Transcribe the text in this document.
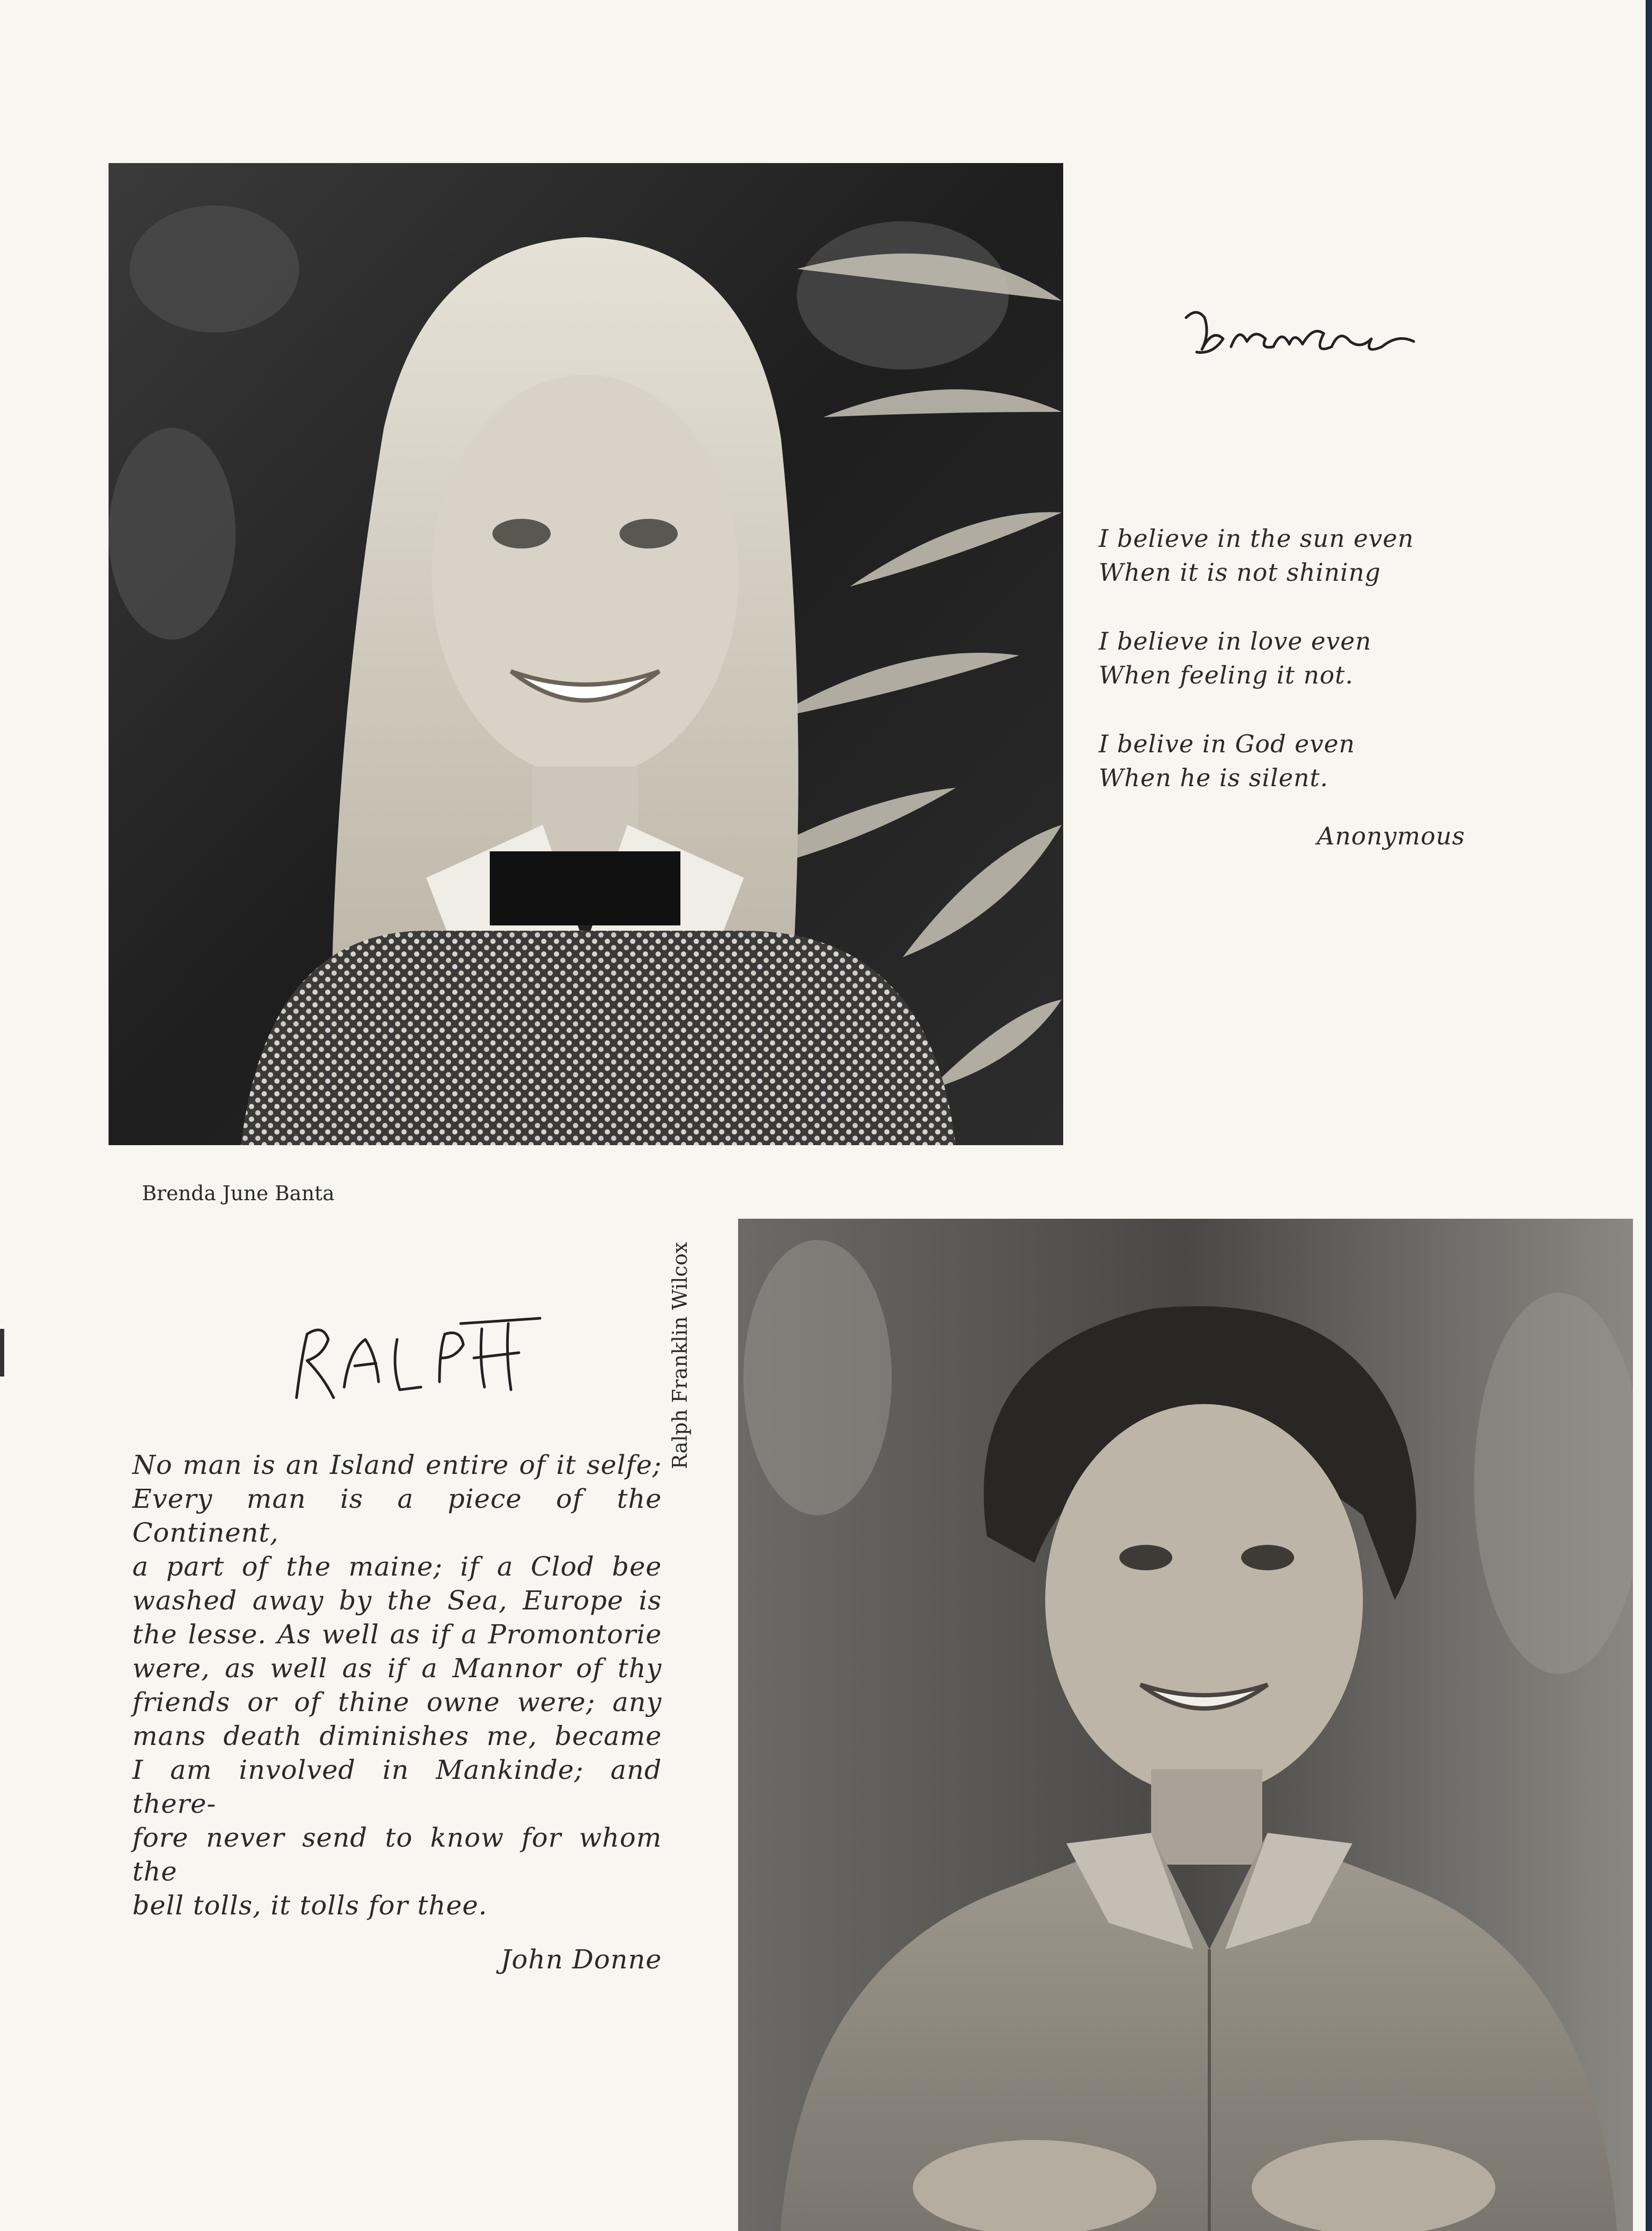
I believe in the sun even
When it is not shining
I believe in love even
When feeling it not.
I belive in God even
When he is silent.
Anonymous
Brenda June Banta
Ralph Franklin Wilcox
No man is an Island entire of it selfe;
Every man is a piece of the Continent,
a part of the maine; if a Clod bee
washed away by the Sea, Europe is
the lesse. As well as if a Promontorie
were, as well as if a Mannor of thy
friends or of thine owne were; any
mans death diminishes me, became
I am involved in Mankinde; and there-
fore never send to know for whom the
bell tolls, it tolls for thee.
John Donne
